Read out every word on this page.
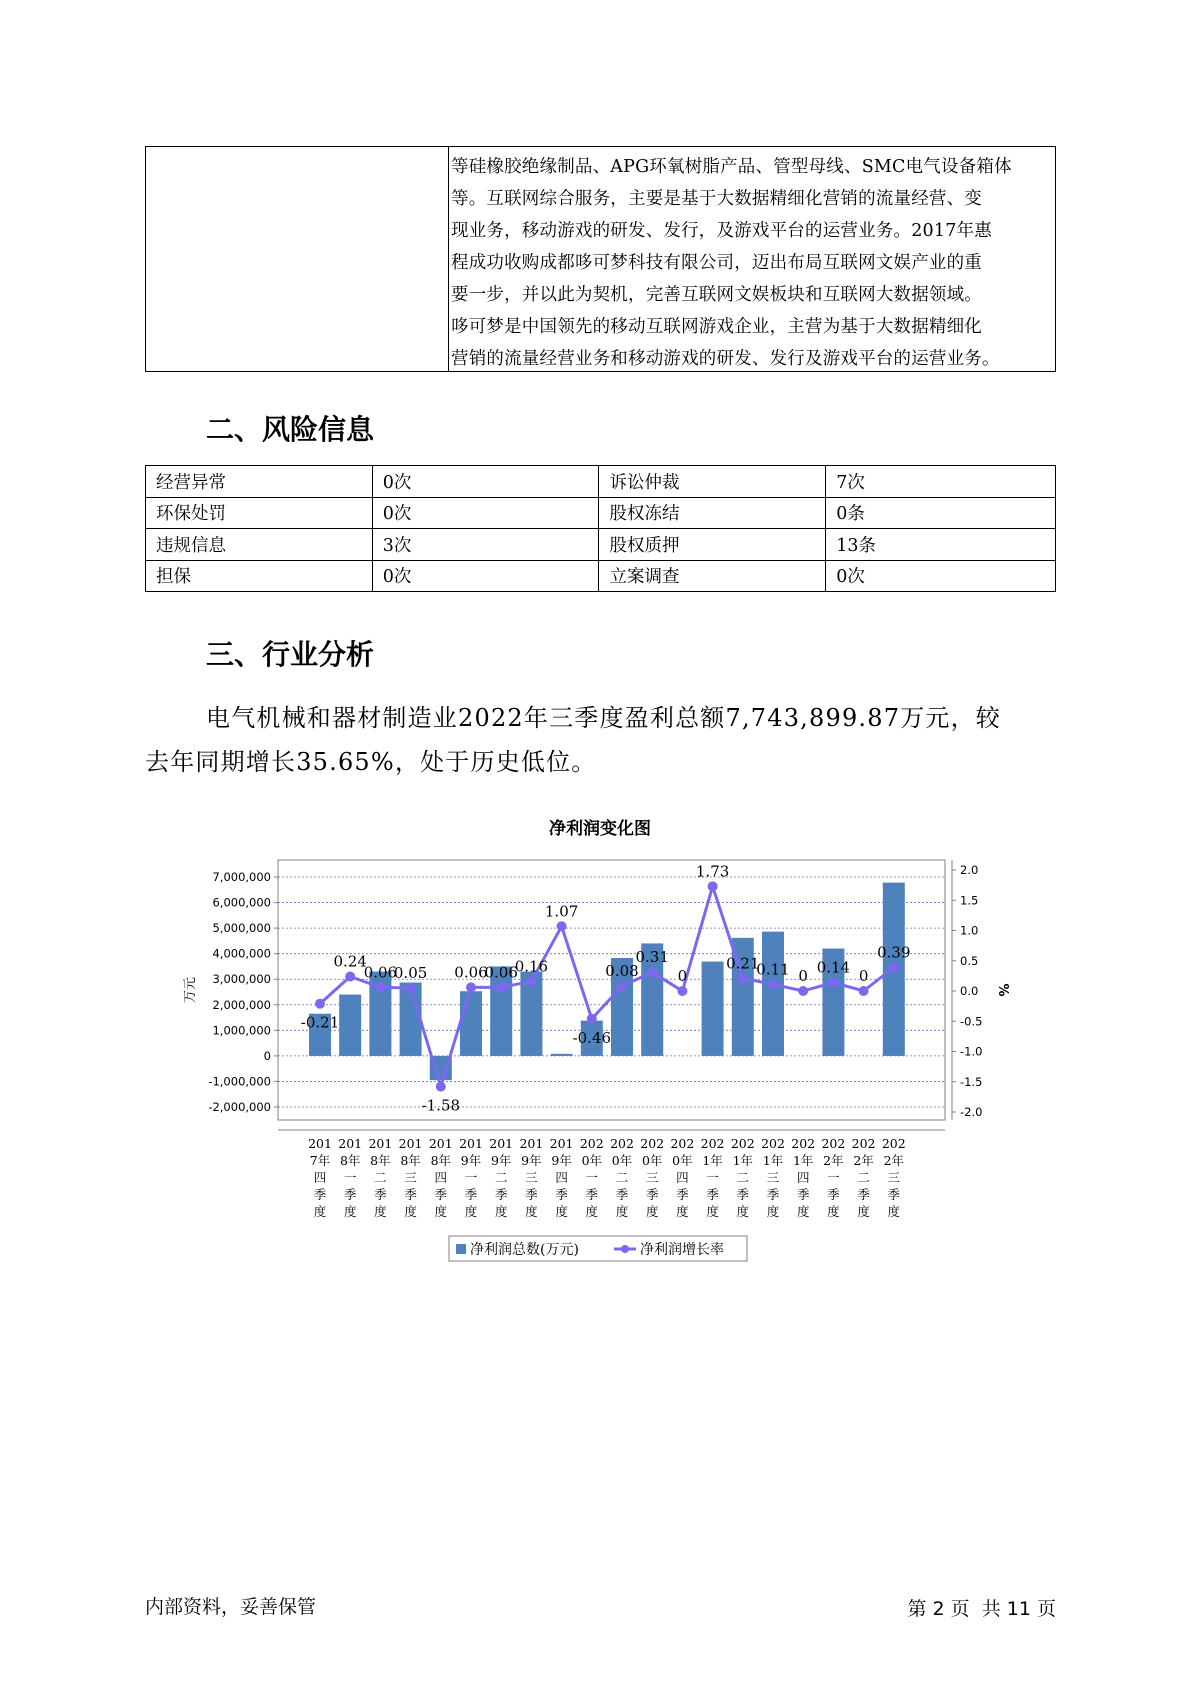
等硅橡胶绝缘制品、APG环氧树脂产品、管型母线、SMC电气设备箱体
等。互联网综合服务，主要是基于大数据精细化营销的流量经营、变
现业务，移动游戏的研发、发行，及游戏平台的运营业务。2017年惠
程成功收购成都哆可梦科技有限公司，迈出布局互联网文娱产业的重
要一步，并以此为契机，完善互联网文娱板块和互联网大数据领域。
哆可梦是中国领先的移动互联网游戏企业，主营为基于大数据精细化
营销的流量经营业务和移动游戏的研发、发行及游戏平台的运营业务。
二、风险信息
经营异常	0次	诉讼仲裁	7次
环保处罚	0次	股权冻结	0条
违规信息	3次	股权质押	13条
担保	0次	立案调查	0次
三、行业分析
电气机械和器材制造业2022年三季度盈利总额7,743,899.87万元，较
去年同期增长35.65%，处于历史低位。
净利润变化图
-0.21
0.24
0.06
0.05
-1.58
0.06
0.06
0.16
1.07
-0.46
0.08
0.31
0
1.73
0.21
0.11 0 0.14 0
0.39
7,000,000
6,000,000
5,000,000
4,000,000
3,000,000
2,000,000
1,000,000
0
-1,000,000
-2,000,000
2.0
1.5
1.0
0.5
0.0
-0.5
-1.0
-1.5
-2.0
201
7年
四
季
度
201
8年
一
季
度
201
8年
二
季
度
201
8年
三
季
度
201
8年
四
季
度
201
9年
一
季
度
201
9年
二
季
度
201
9年
三
季
度
201
9年
四
季
度
202
0年
一
季
度
202
0年
二
季
度
202
0年
三
季
度
202
0年
四
季
度
202
1年
一
季
度
202
1年
二
季
度
202
1年
三
季
度
202
1年
四
季
度
202
2年
一
季
度
202
2年
二
季
度
202
2年
三
季
度
万元	%
净利润总数(万元)	净利润增长率
内部资料，妥善保管	第 2 页  共 11 页
